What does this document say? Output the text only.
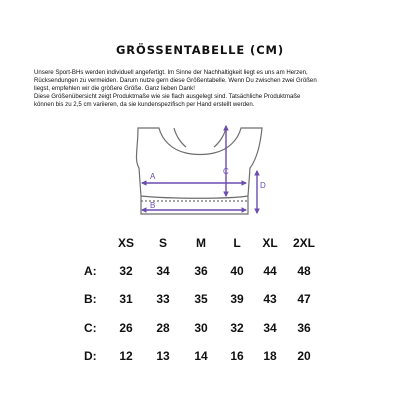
GRÖSSENTABELLE (CM)

Unsere Sport-BHs werden individuell angefertigt. Im Sinne der Nachhaltigkeit liegt es uns am Herzen,

Rücksendungen zu vermeiden. Darum nutze gern diese Größentabelle. Wenn Du zwischen zwei Größen

liegst, empfehlen wir die größere Größe. Ganz lieben Dank!

Diese Größenübersicht zeigt Produktmaße wie sie flach ausgelegt sind. Tatsächliche Produktmaße

können bis zu 2,5 cm variieren, da sie kundenspezifisch per Hand erstellt werden.

A
B
C
D
XS	S	M	L	XL	2XL
A:	32	34	36	40	44	48
B:	31	33	35	39	43	47
C:	26	28	30	32	34	36
D:	12	13	14	16	18	20
